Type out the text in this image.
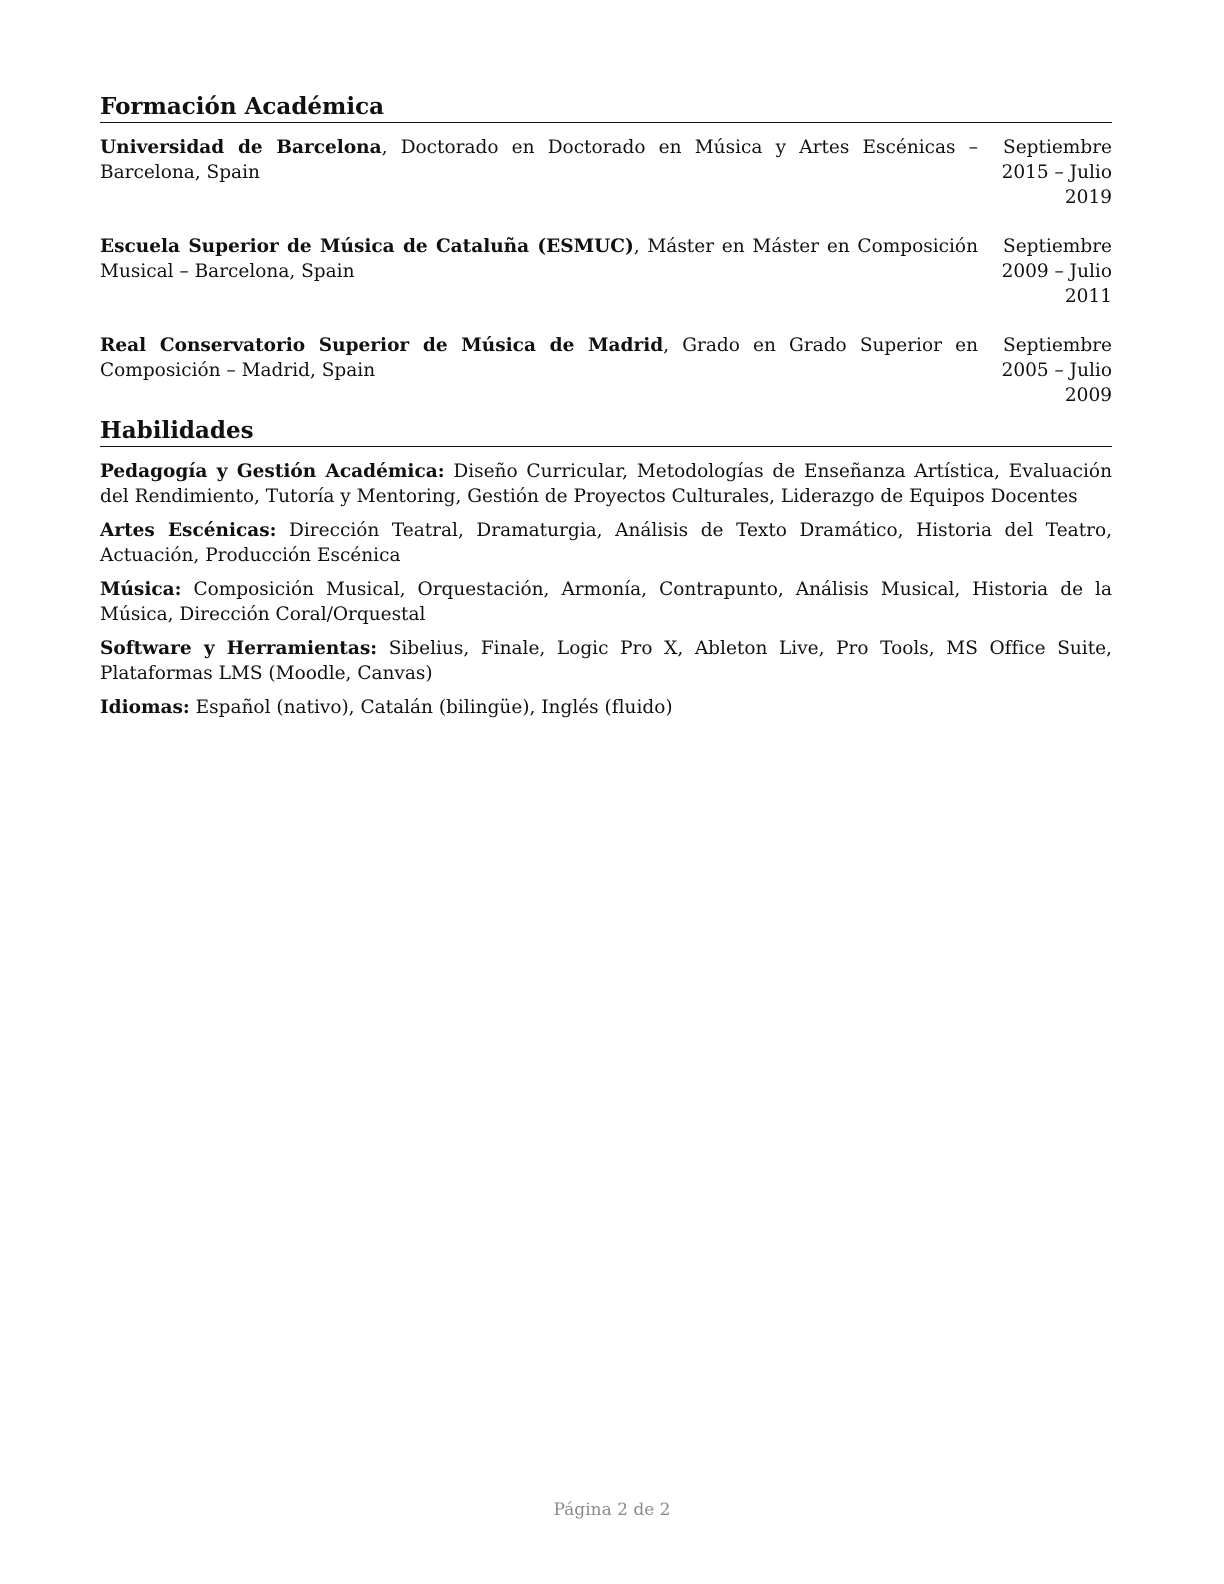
Formación Académica
Universidad de Barcelona, Doctorado en Doctorado en Música y Artes Escénicas – Barcelona, Spain
Septiembre 2015 – Julio 2019
Escuela Superior de Música de Cataluña (ESMUC), Máster en Máster en Composición Musical – Barcelona, Spain
Septiembre 2009 – Julio 2011
Real Conservatorio Superior de Música de Madrid, Grado en Grado Superior en Composición – Madrid, Spain
Septiembre 2005 – Julio 2009
Habilidades

Pedagogía y Gestión Académica: Diseño Curricular, Metodologías de Enseñanza Artística, Evaluación del Rendimiento, Tutoría y Mentoring, Gestión de Proyectos Culturales, Liderazgo de Equipos Docentes

Artes Escénicas: Dirección Teatral, Dramaturgia, Análisis de Texto Dramático, Historia del Teatro, Actuación, Producción Escénica

Música: Composición Musical, Orquestación, Armonía, Contrapunto, Análisis Musical, Historia de la Música, Dirección Coral/Orquestal

Software y Herramientas: Sibelius, Finale, Logic Pro X, Ableton Live, Pro Tools, MS Office Suite, Plataformas LMS (Moodle, Canvas)

Idiomas: Español (nativo), Catalán (bilingüe), Inglés (fluido)

Página 2 de 2
